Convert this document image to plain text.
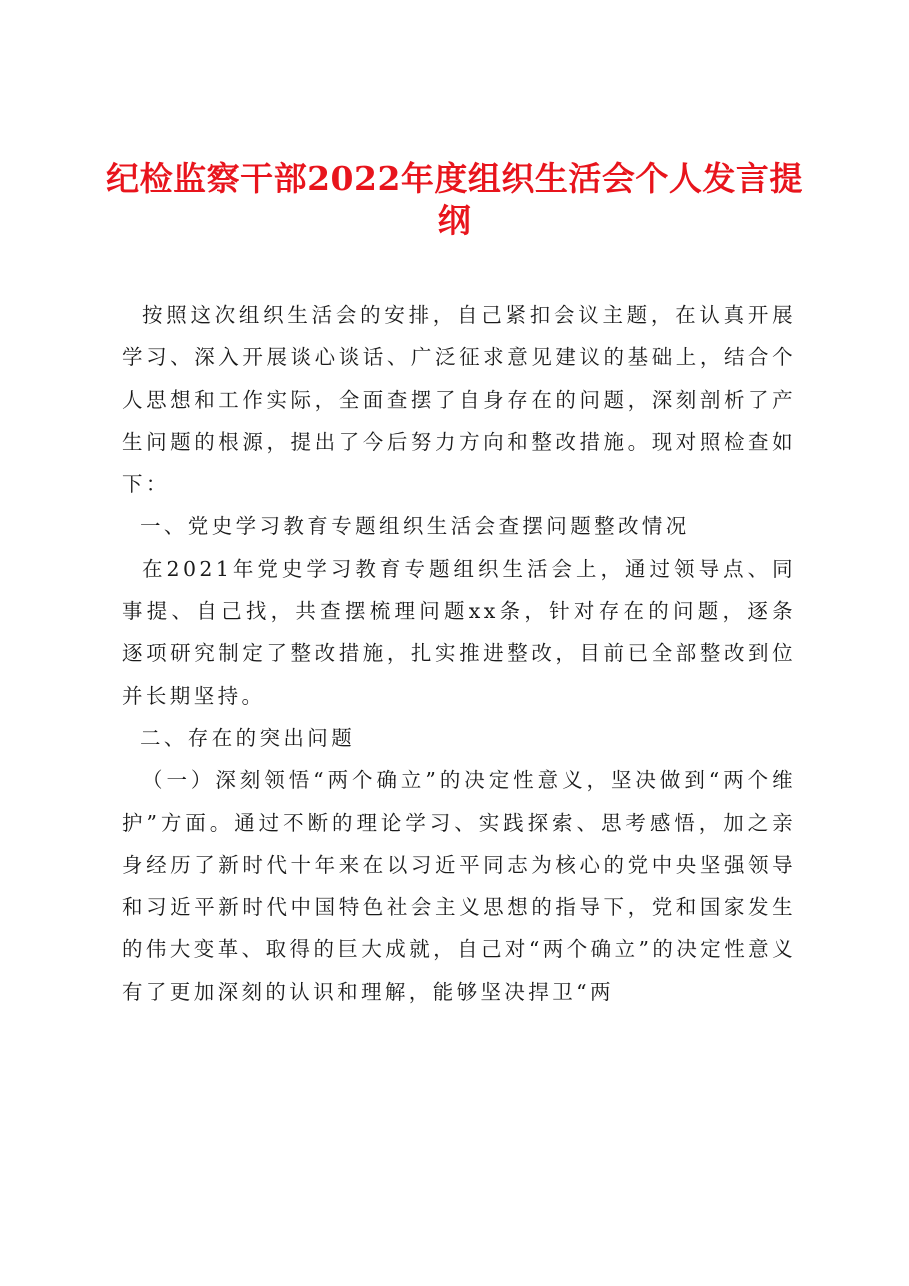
纪检监察干部2022年度组织生活会个人发言提纲

按照这次组织生活会的安排，自己紧扣会议主题，在认真开展学习、深入开展谈心谈话、广泛征求意见建议的基础上，结合个人思想和工作实际，全面查摆了自身存在的问题，深刻剖析了产生问题的根源，提出了今后努力方向和整改措施。现对照检查如下：

一、党史学习教育专题组织生活会查摆问题整改情况

在2021年党史学习教育专题组织生活会上，通过领导点、同事提、自己找，共查摆梳理问题xx条，针对存在的问题，逐条逐项研究制定了整改措施，扎实推进整改，目前已全部整改到位并长期坚持。

二、存在的突出问题

（一）深刻领悟“两个确立”的决定性意义，坚决做到“两个维护”方面。通过不断的理论学习、实践探索、思考感悟，加之亲身经历了新时代十年来在以习近平同志为核心的党中央坚强领导和习近平新时代中国特色社会主义思想的指导下，党和国家发生的伟大变革、取得的巨大成就，自己对“两个确立”的决定性意义有了更加深刻的认识和理解，能够坚决捍卫“两
